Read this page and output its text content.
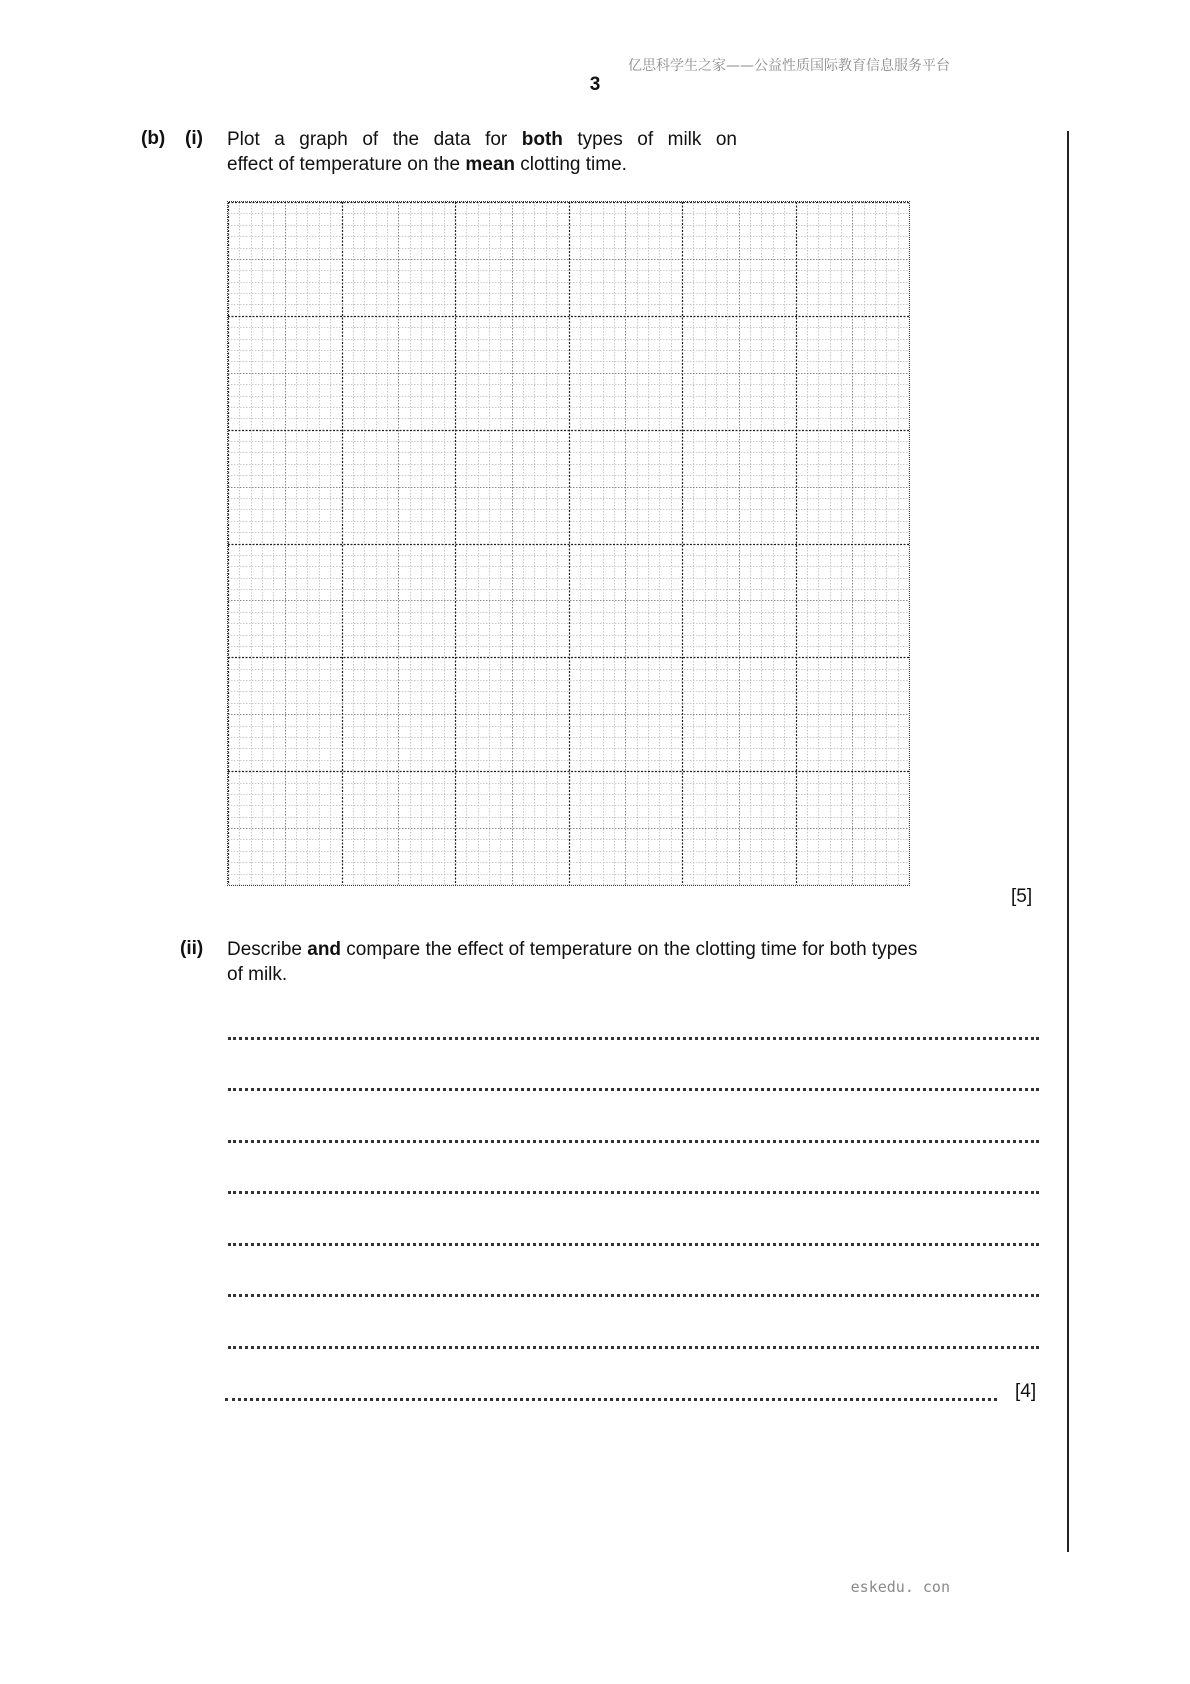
亿思科学生之家——公益性质国际教育信息服务平台
3
(b) (i) Plot a graph of the data for both types of milk on
effect of temperature on the mean clotting time.
[5]
(ii) Describe and compare the effect of temperature on the clotting time for both types
of milk.
[4]
eskedu. con
